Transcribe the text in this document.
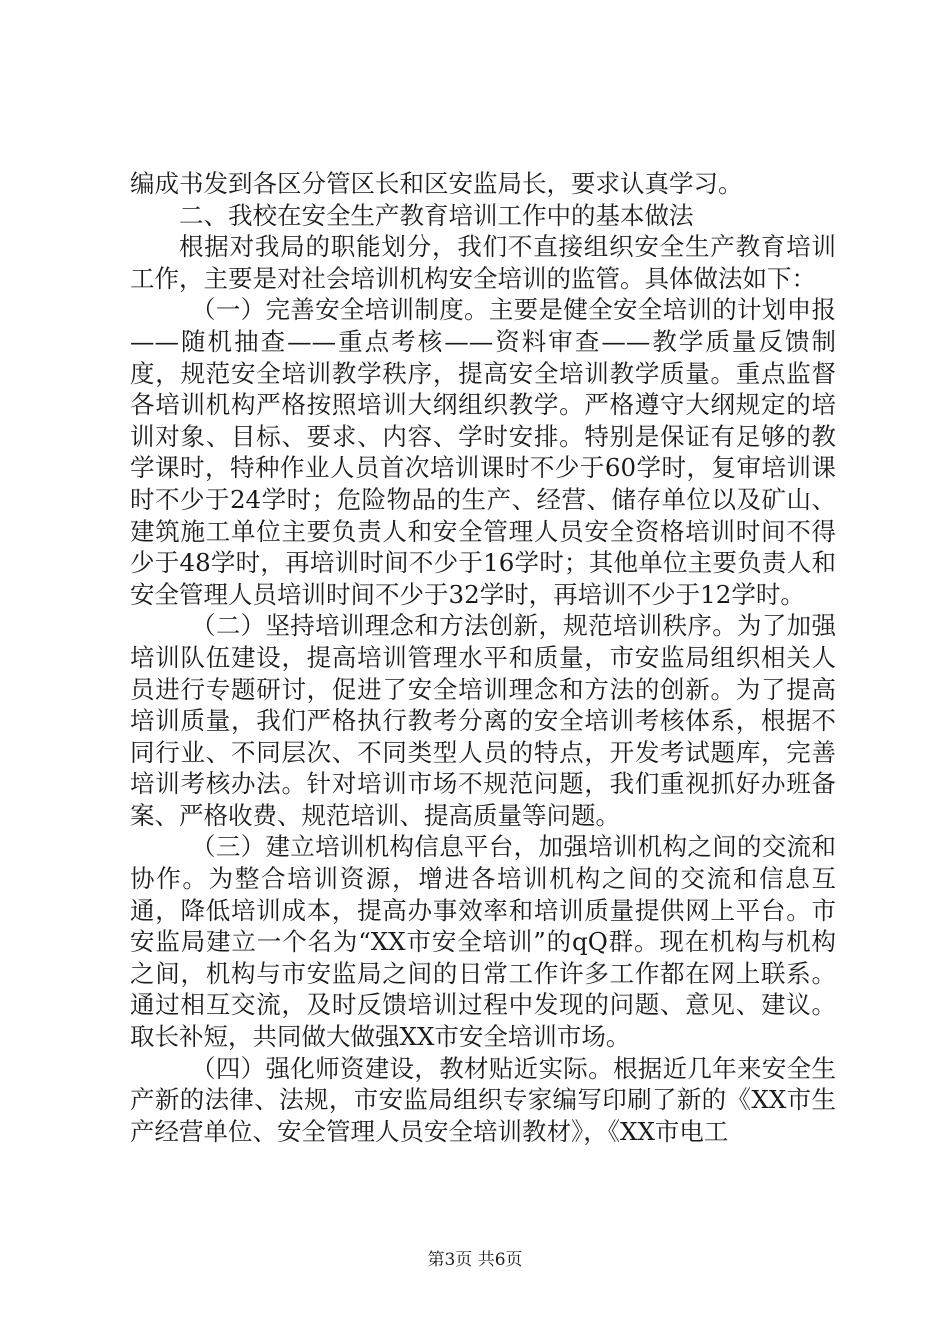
编成书发到各区分管区长和区安监局长，要求认真学习。

二、我校在安全生产教育培训工作中的基本做法

根据对我局的职能划分，我们不直接组织安全生产教育培训工作，主要是对社会培训机构安全培训的监管。具体做法如下：

（一）完善安全培训制度。主要是健全安全培训的计划申报——随机抽查——重点考核——资料审查——教学质量反馈制度，规范安全培训教学秩序，提高安全培训教学质量。重点监督各培训机构严格按照培训大纲组织教学。严格遵守大纲规定的培训对象、目标、要求、内容、学时安排。特别是保证有足够的教学课时，特种作业人员首次培训课时不少于60学时，复审培训课时不少于24学时；危险物品的生产、经营、储存单位以及矿山、建筑施工单位主要负责人和安全管理人员安全资格培训时间不得少于48学时，再培训时间不少于16学时；其他单位主要负责人和安全管理人员培训时间不少于32学时，再培训不少于12学时。

（二）坚持培训理念和方法创新，规范培训秩序。为了加强培训队伍建设，提高培训管理水平和质量，市安监局组织相关人员进行专题研讨，促进了安全培训理念和方法的创新。为了提高培训质量，我们严格执行教考分离的安全培训考核体系，根据不同行业、不同层次、不同类型人员的特点，开发考试题库，完善培训考核办法。针对培训市场不规范问题，我们重视抓好办班备案、严格收费、规范培训、提高质量等问题。

（三）建立培训机构信息平台，加强培训机构之间的交流和协作。为整合培训资源，增进各培训机构之间的交流和信息互通，降低培训成本，提高办事效率和培训质量提供网上平台。市安监局建立一个名为“XX市安全培训”的qQ群。现在机构与机构之间，机构与市安监局之间的日常工作许多工作都在网上联系。通过相互交流，及时反馈培训过程中发现的问题、意见、建议。取长补短，共同做大做强XX市安全培训市场。

（四）强化师资建设，教材贴近实际。根据近几年来安全生产新的法律、法规，市安监局组织专家编写印刷了新的《XX市生产经营单位、安全管理人员安全培训教材》，《XX市电工

第3页 共6页
